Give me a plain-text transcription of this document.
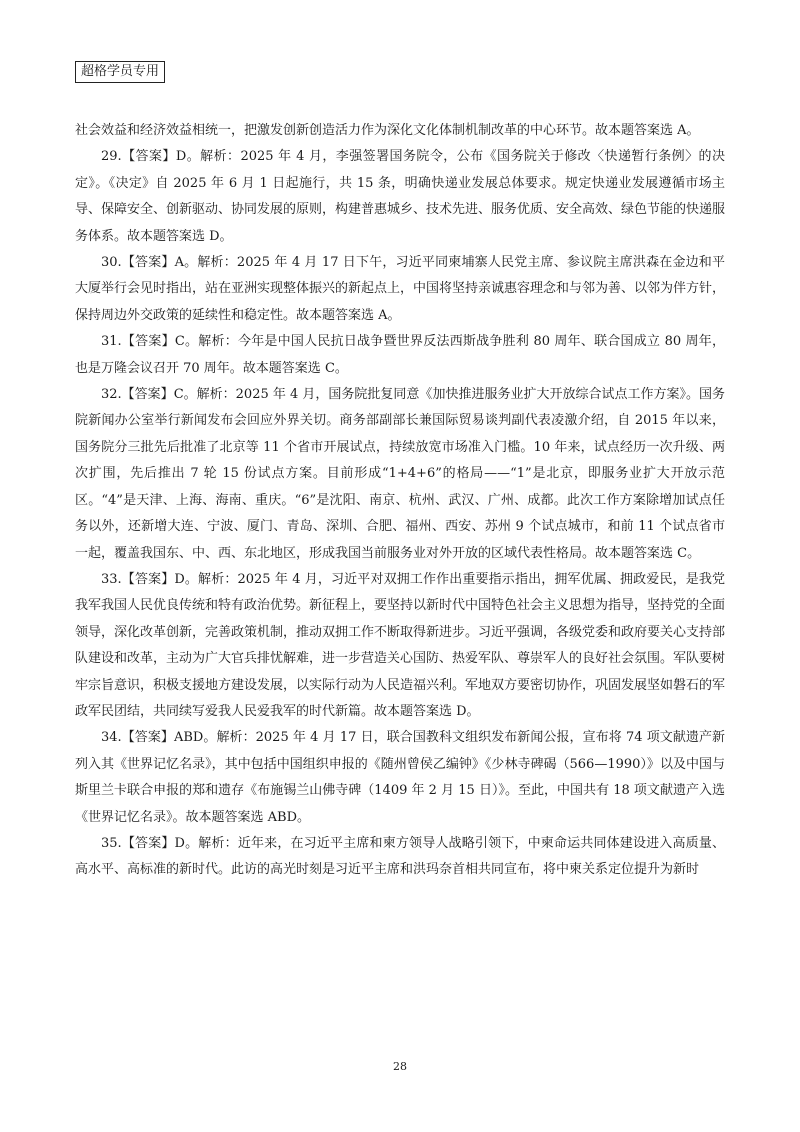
超格学员专用

社会效益和经济效益相统一，把激发创新创造活力作为深化文化体制机制改革的中心环节。故本题答案选 A。

29.【答案】D。解析：2025 年 4 月，李强签署国务院令，公布《国务院关于修改〈快递暂行条例〉的决定》。《决定》自 2025 年 6 月 1 日起施行，共 15 条，明确快递业发展总体要求。规定快递业发展遵循市场主导、保障安全、创新驱动、协同发展的原则，构建普惠城乡、技术先进、服务优质、安全高效、绿色节能的快递服务体系。故本题答案选 D。

30.【答案】A。解析：2025 年 4 月 17 日下午，习近平同柬埔寨人民党主席、参议院主席洪森在金边和平大厦举行会见时指出，站在亚洲实现整体振兴的新起点上，中国将坚持亲诚惠容理念和与邻为善、以邻为伴方针，保持周边外交政策的延续性和稳定性。故本题答案选 A。

31.【答案】C。解析：今年是中国人民抗日战争暨世界反法西斯战争胜利 80 周年、联合国成立 80 周年，也是万隆会议召开 70 周年。故本题答案选 C。

32.【答案】C。解析：2025 年 4 月，国务院批复同意《加快推进服务业扩大开放综合试点工作方案》。国务院新闻办公室举行新闻发布会回应外界关切。商务部副部长兼国际贸易谈判副代表凌激介绍，自 2015 年以来，国务院分三批先后批准了北京等 11 个省市开展试点，持续放宽市场准入门槛。10 年来，试点经历一次升级、两次扩围，先后推出 7 轮 15 份试点方案。目前形成“1+4+6”的格局——“1”是北京，即服务业扩大开放示范区。“4”是天津、上海、海南、重庆。“6”是沈阳、南京、杭州、武汉、广州、成都。此次工作方案除增加试点任务以外，还新增大连、宁波、厦门、青岛、深圳、合肥、福州、西安、苏州 9 个试点城市，和前 11 个试点省市一起，覆盖我国东、中、西、东北地区，形成我国当前服务业对外开放的区域代表性格局。故本题答案选 C。

33.【答案】D。解析：2025 年 4 月，习近平对双拥工作作出重要指示指出，拥军优属、拥政爱民，是我党我军我国人民优良传统和特有政治优势。新征程上，要坚持以新时代中国特色社会主义思想为指导，坚持党的全面领导，深化改革创新，完善政策机制，推动双拥工作不断取得新进步。习近平强调，各级党委和政府要关心支持部队建设和改革，主动为广大官兵排忧解难，进一步营造关心国防、热爱军队、尊崇军人的良好社会氛围。军队要树牢宗旨意识，积极支援地方建设发展，以实际行动为人民造福兴利。军地双方要密切协作，巩固发展坚如磐石的军政军民团结，共同续写爱我人民爱我军的时代新篇。故本题答案选 D。

34.【答案】ABD。解析：2025 年 4 月 17 日，联合国教科文组织发布新闻公报，宣布将 74 项文献遗产新列入其《世界记忆名录》，其中包括中国组织申报的《随州曾侯乙编钟》《少林寺碑碣（566—1990）》以及中国与斯里兰卡联合申报的郑和遗存《布施锡兰山佛寺碑（1409 年 2 月 15 日）》。至此，中国共有 18 项文献遗产入选《世界记忆名录》。故本题答案选 ABD。

35.【答案】D。解析：近年来，在习近平主席和柬方领导人战略引领下，中柬命运共同体建设进入高质量、高水平、高标准的新时代。此访的高光时刻是习近平主席和洪玛奈首相共同宣布，将中柬关系定位提升为新时

28
